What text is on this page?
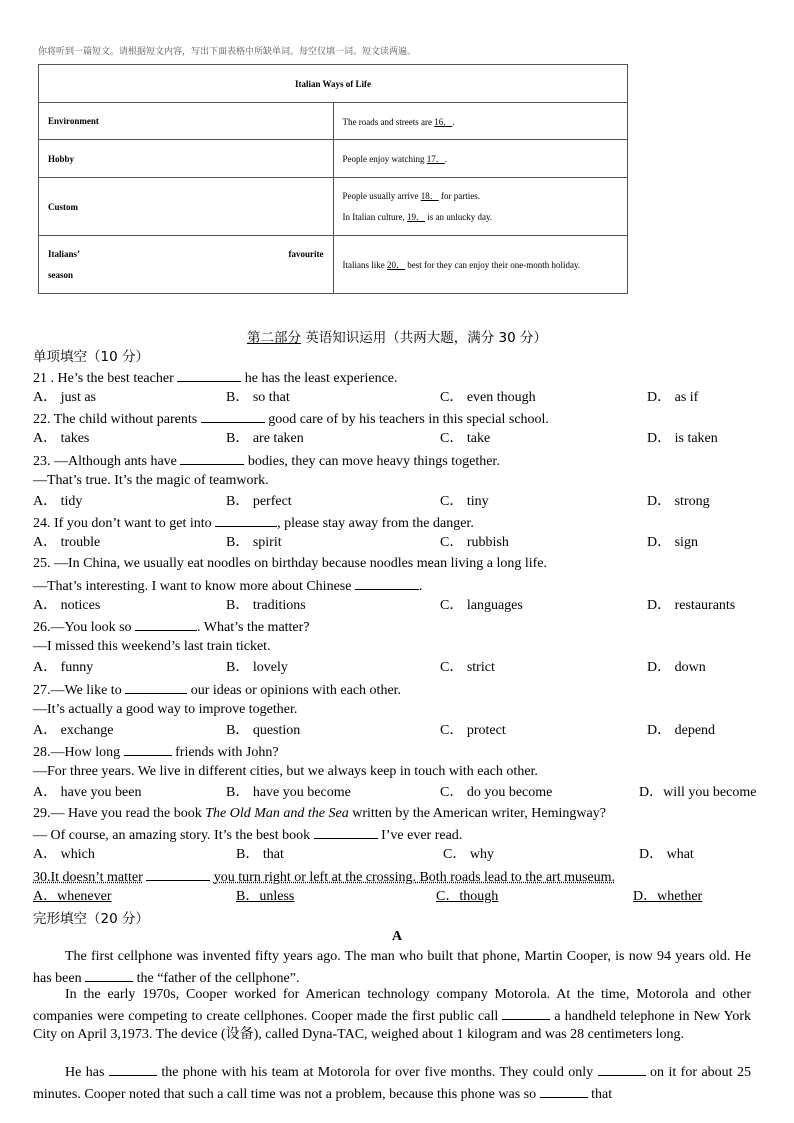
你将听到一篇短文。请根据短文内容，写出下面表格中所缺单词。每空仅填一词。短文读两遍。
Italian Ways of Life	
Environment	The roads and streets are 16．.
Hobby	People enjoy watching 17．.
Custom	People usually arrive 18． for parties.
In Italian culture, 19． is an unlucky day.

Italians’ favourite
season	Italians like 20． best for they can enjoy their one-month holiday.
第二部分 英语知识运用（共两大题，满分 30 分）
单项填空（10 分）
21 . He’s the best teacher	he has the least experience.
A． just as	B． so that	C． even though	D． as if
22. The child without parents	good care of by his teachers in this special school.
A． takes	B． are taken	C． take	D． is taken
23. —Although ants have	bodies, they can move heavy things together.
—That’s true. It’s the magic of teamwork.
A． tidy	B． perfect	C． tiny	D． strong
24. If you don’t want to get into	, please stay away from the danger.
A． trouble	B． spirit	C． rubbish	D． sign
25. —In China, we usually eat noodles on birthday because noodles mean living a long life.
—That’s interesting. I want to know more about Chinese	.
A． notices	B． traditions	C． languages	D． restaurants
26.—You look so	. What’s the matter?
—I missed this weekend’s last train ticket.
A． funny	B． lovely	C． strict	D． down
27.—We like to	our ideas or opinions with each other.
—It’s actually a good way to improve together.
A． exchange	B． question	C． protect	D． depend
28.—How long	friends with John?
—For three years. We live in different cities, but we always keep in touch with each other.
A． have you been	B． have you become	C． do you become	D．will you become
29.— Have you read the book The Old Man and the Sea written by the American writer, Hemingway?
— Of course, an amazing story. It’s the best book	I’ve ever read.
A． which	B． that	C． why	D． what
30.It doesn’t matter	you turn right or left at the crossing. Both roads lead to the art museum.
A．whenever	B．unless	C．though	D．whether
完形填空（20 分）
A
The first cellphone was invented fifty years ago. The man who built that phone, Martin Cooper, is now 94 years old. He has been	the “father of the cellphone”.
In the early 1970s, Cooper worked for American technology company Motorola. At the time, Motorola and other companies were competing to create cellphones. Cooper made the first public call	a handheld telephone in New York City on April 3,1973. The device (设备), called Dyna-TAC, weighed about 1 kilogram and was 28 centimeters long.
He has	the phone with his team at Motorola for over five months. They could only	on it for about 25 minutes. Cooper noted that such a call time was not a problem, because this phone was so	that
